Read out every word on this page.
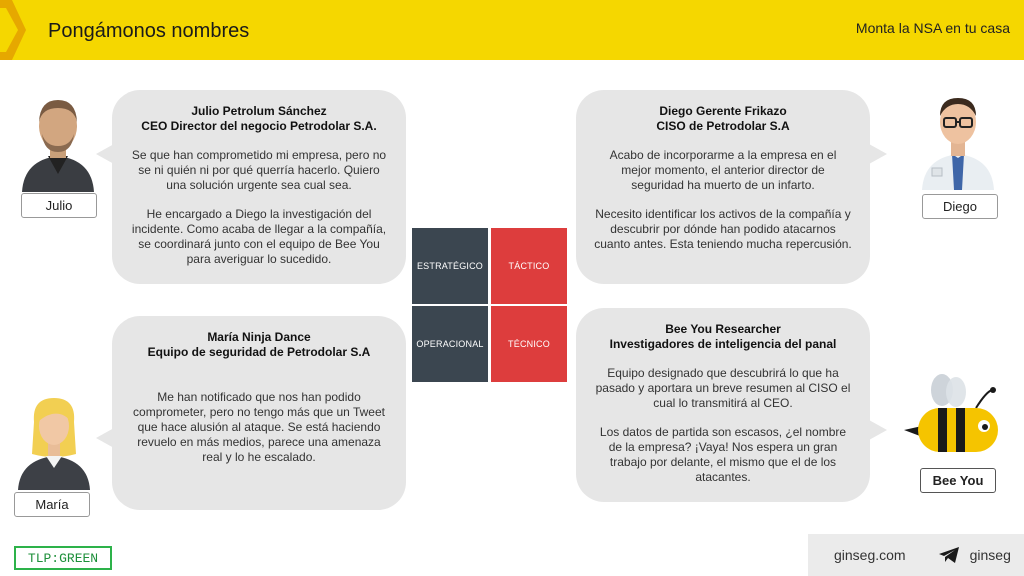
Pongámonos nombres	Monta la NSA en tu casa
Julio
Julio Petrolum Sánchez
CEO Director del negocio Petrodolar S.A.

Se que han comprometido mi empresa, pero no se ni quién ni por qué querría hacerlo. Quiero una solución urgente sea cual sea.

He encargado a Diego la investigación del incidente. Como acaba de llegar a la compañía, se coordinará junto con el equipo de Bee You para averiguar lo sucedido.

Diego
Diego Gerente Frikazo
CISO de Petrodolar S.A

Acabo de incorporarme a la empresa en el mejor momento, el anterior director de seguridad ha muerto de un infarto.

Necesito identificar los activos de la compañía y descubrir por dónde han podido atacarnos cuanto antes. Esta teniendo mucha repercusión.

ESTRATÉGICO	TÁCTICO
OPERACIONAL	TÉCNICO
María
María Ninja Dance
Equipo de seguridad de Petrodolar S.A

Me han notificado que nos han podido comprometer, pero no tengo más que un Tweet que hace alusión al ataque. Se está haciendo revuelo en más medios, parece una amenaza real y lo he escalado.

Bee You
Bee You Researcher
Investigadores de inteligencia del panal

Equipo designado que descubrirá lo que ha pasado y aportara un breve resumen al CISO el cual lo transmitirá al CEO.

Los datos de partida son escasos, ¿el nombre de la empresa? ¡Vaya! Nos espera un gran trabajo por delante, el mismo que el de los atacantes.

TLP:GREEN	ginseg.com	ginseg
